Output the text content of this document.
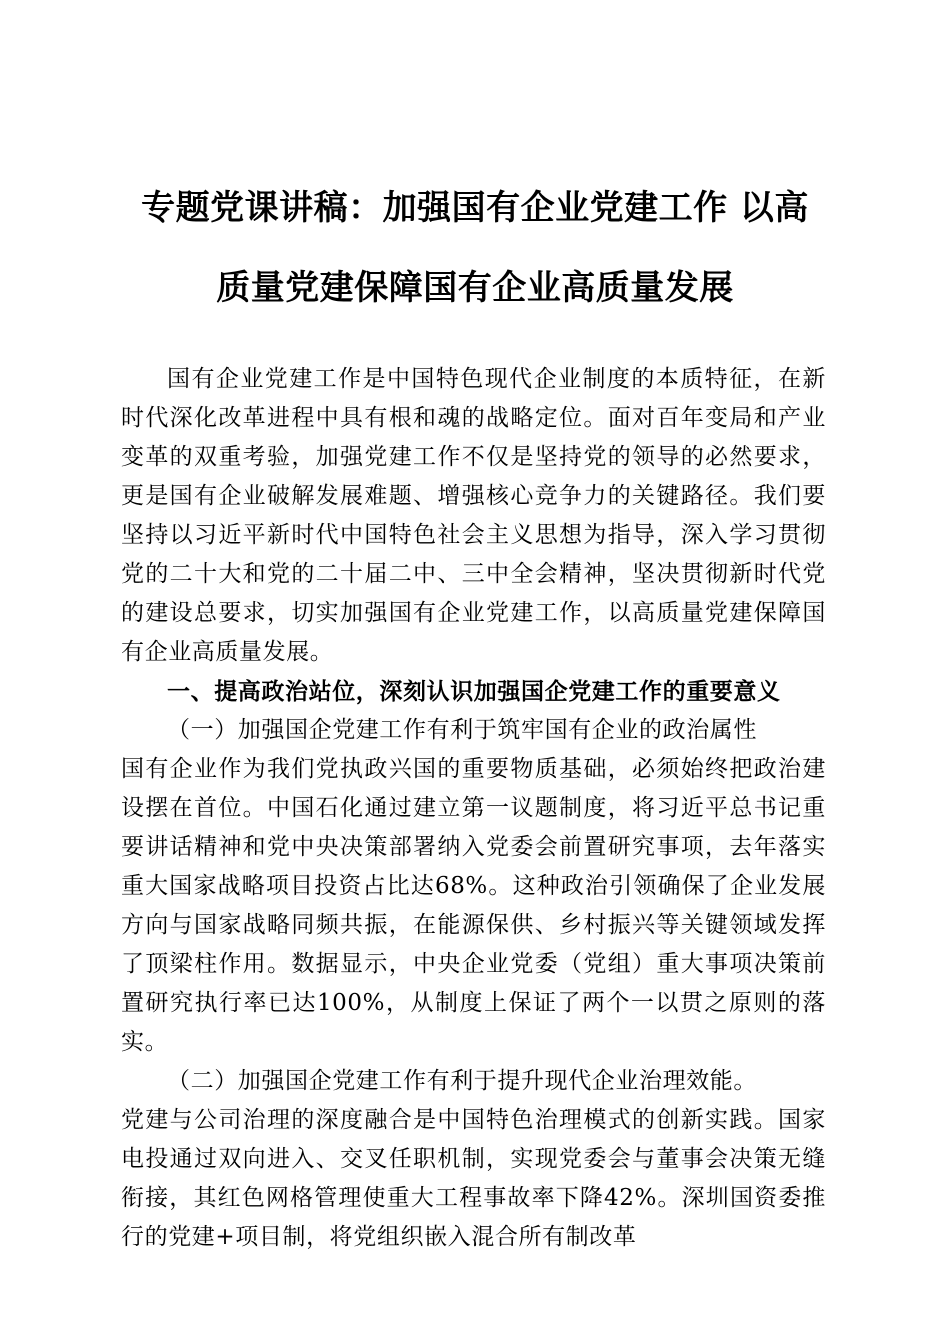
专题党课讲稿：加强国有企业党建工作 以高
质量党建保障国有企业高质量发展

国有企业党建工作是中国特色现代企业制度的本质特征，在新时代深化改革进程中具有根和魂的战略定位。面对百年变局和产业变革的双重考验，加强党建工作不仅是坚持党的领导的必然要求，更是国有企业破解发展难题、增强核心竞争力的关键路径。我们要坚持以习近平新时代中国特色社会主义思想为指导，深入学习贯彻党的二十大和党的二十届二中、三中全会精神，坚决贯彻新时代党的建设总要求，切实加强国有企业党建工作，以高质量党建保障国有企业高质量发展。

一、提高政治站位，深刻认识加强国企党建工作的重要意义

（一）加强国企党建工作有利于筑牢国有企业的政治属性

国有企业作为我们党执政兴国的重要物质基础，必须始终把政治建设摆在首位。中国石化通过建立第一议题制度，将习近平总书记重要讲话精神和党中央决策部署纳入党委会前置研究事项，去年落实重大国家战略项目投资占比达68%。这种政治引领确保了企业发展方向与国家战略同频共振，在能源保供、乡村振兴等关键领域发挥了顶梁柱作用。数据显示，中央企业党委（党组）重大事项决策前置研究执行率已达100%，从制度上保证了两个一以贯之原则的落实。

（二）加强国企党建工作有利于提升现代企业治理效能。

党建与公司治理的深度融合是中国特色治理模式的创新实践。国家电投通过双向进入、交叉任职机制，实现党委会与董事会决策无缝衔接，其红色网格管理使重大工程事故率下降42%。深圳国资委推行的党建+项目制，将党组织嵌入混合所有制改革
